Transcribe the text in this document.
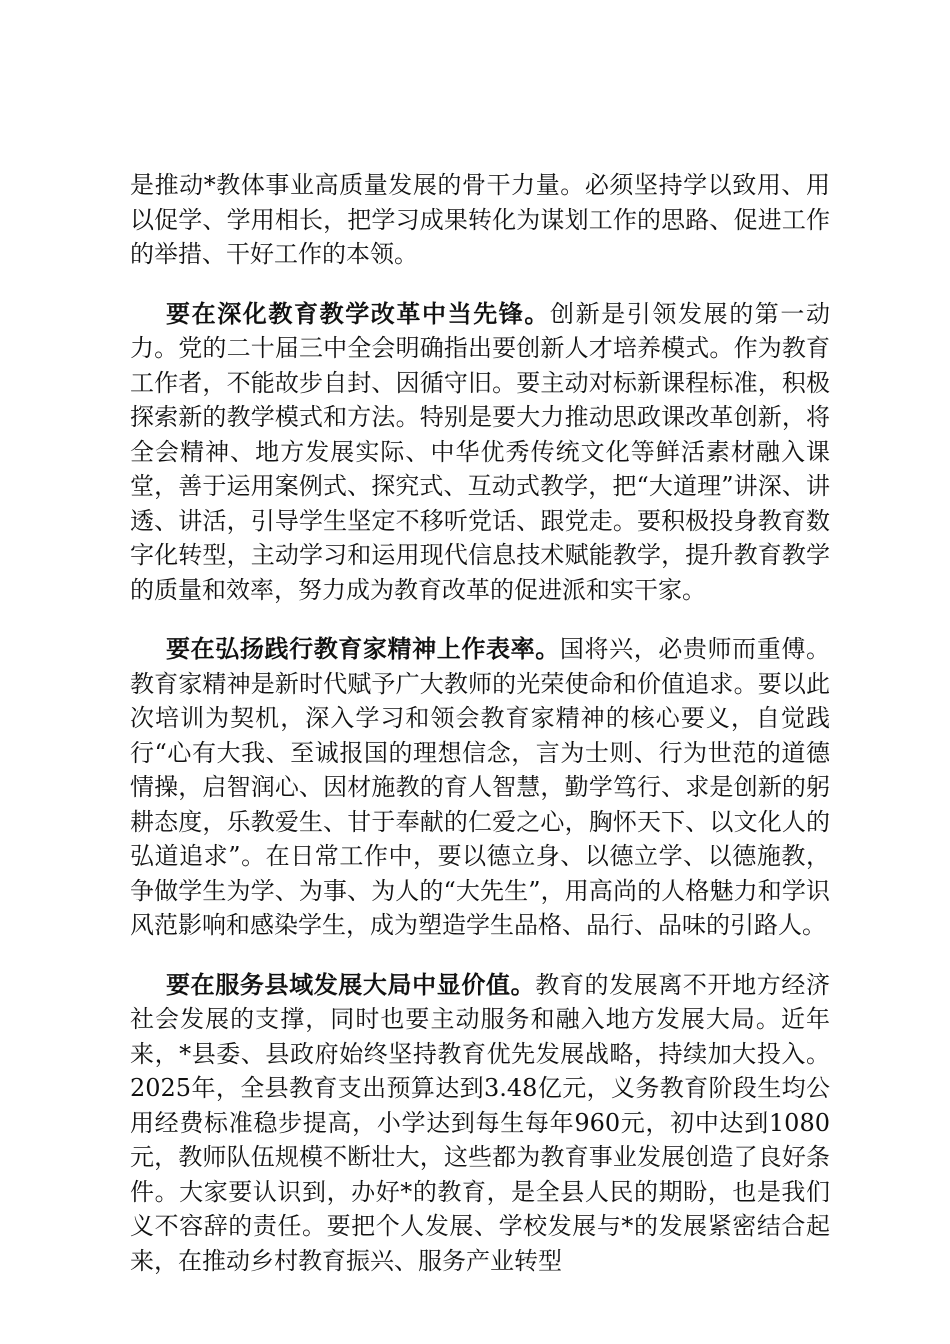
是推动*教体事业高质量发展的骨干力量。必须坚持学以致用、用以促学、学用相长，把学习成果转化为谋划工作的思路、促进工作的举措、干好工作的本领。

要在深化教育教学改革中当先锋。创新是引领发展的第一动力。党的二十届三中全会明确指出要创新人才培养模式。作为教育工作者，不能故步自封、因循守旧。要主动对标新课程标准，积极探索新的教学模式和方法。特别是要大力推动思政课改革创新，将全会精神、地方发展实际、中华优秀传统文化等鲜活素材融入课堂，善于运用案例式、探究式、互动式教学，把“大道理”讲深、讲透、讲活，引导学生坚定不移听党话、跟党走。要积极投身教育数字化转型，主动学习和运用现代信息技术赋能教学，提升教育教学的质量和效率，努力成为教育改革的促进派和实干家。

要在弘扬践行教育家精神上作表率。国将兴，必贵师而重傅。教育家精神是新时代赋予广大教师的光荣使命和价值追求。要以此次培训为契机，深入学习和领会教育家精神的核心要义，自觉践行“心有大我、至诚报国的理想信念，言为士则、行为世范的道德情操，启智润心、因材施教的育人智慧，勤学笃行、求是创新的躬耕态度，乐教爱生、甘于奉献的仁爱之心，胸怀天下、以文化人的弘道追求”。在日常工作中，要以德立身、以德立学、以德施教，争做学生为学、为事、为人的“大先生”，用高尚的人格魅力和学识风范影响和感染学生，成为塑造学生品格、品行、品味的引路人。

要在服务县域发展大局中显价值。教育的发展离不开地方经济社会发展的支撑，同时也要主动服务和融入地方发展大局。近年来，*县委、县政府始终坚持教育优先发展战略，持续加大投入。2025年，全县教育支出预算达到3.48亿元，义务教育阶段生均公用经费标准稳步提高，小学达到每生每年960元，初中达到1080元，教师队伍规模不断壮大，这些都为教育事业发展创造了良好条件。大家要认识到，办好*的教育，是全县人民的期盼，也是我们义不容辞的责任。要把个人发展、学校发展与*的发展紧密结合起来，在推动乡村教育振兴、服务产业转型
